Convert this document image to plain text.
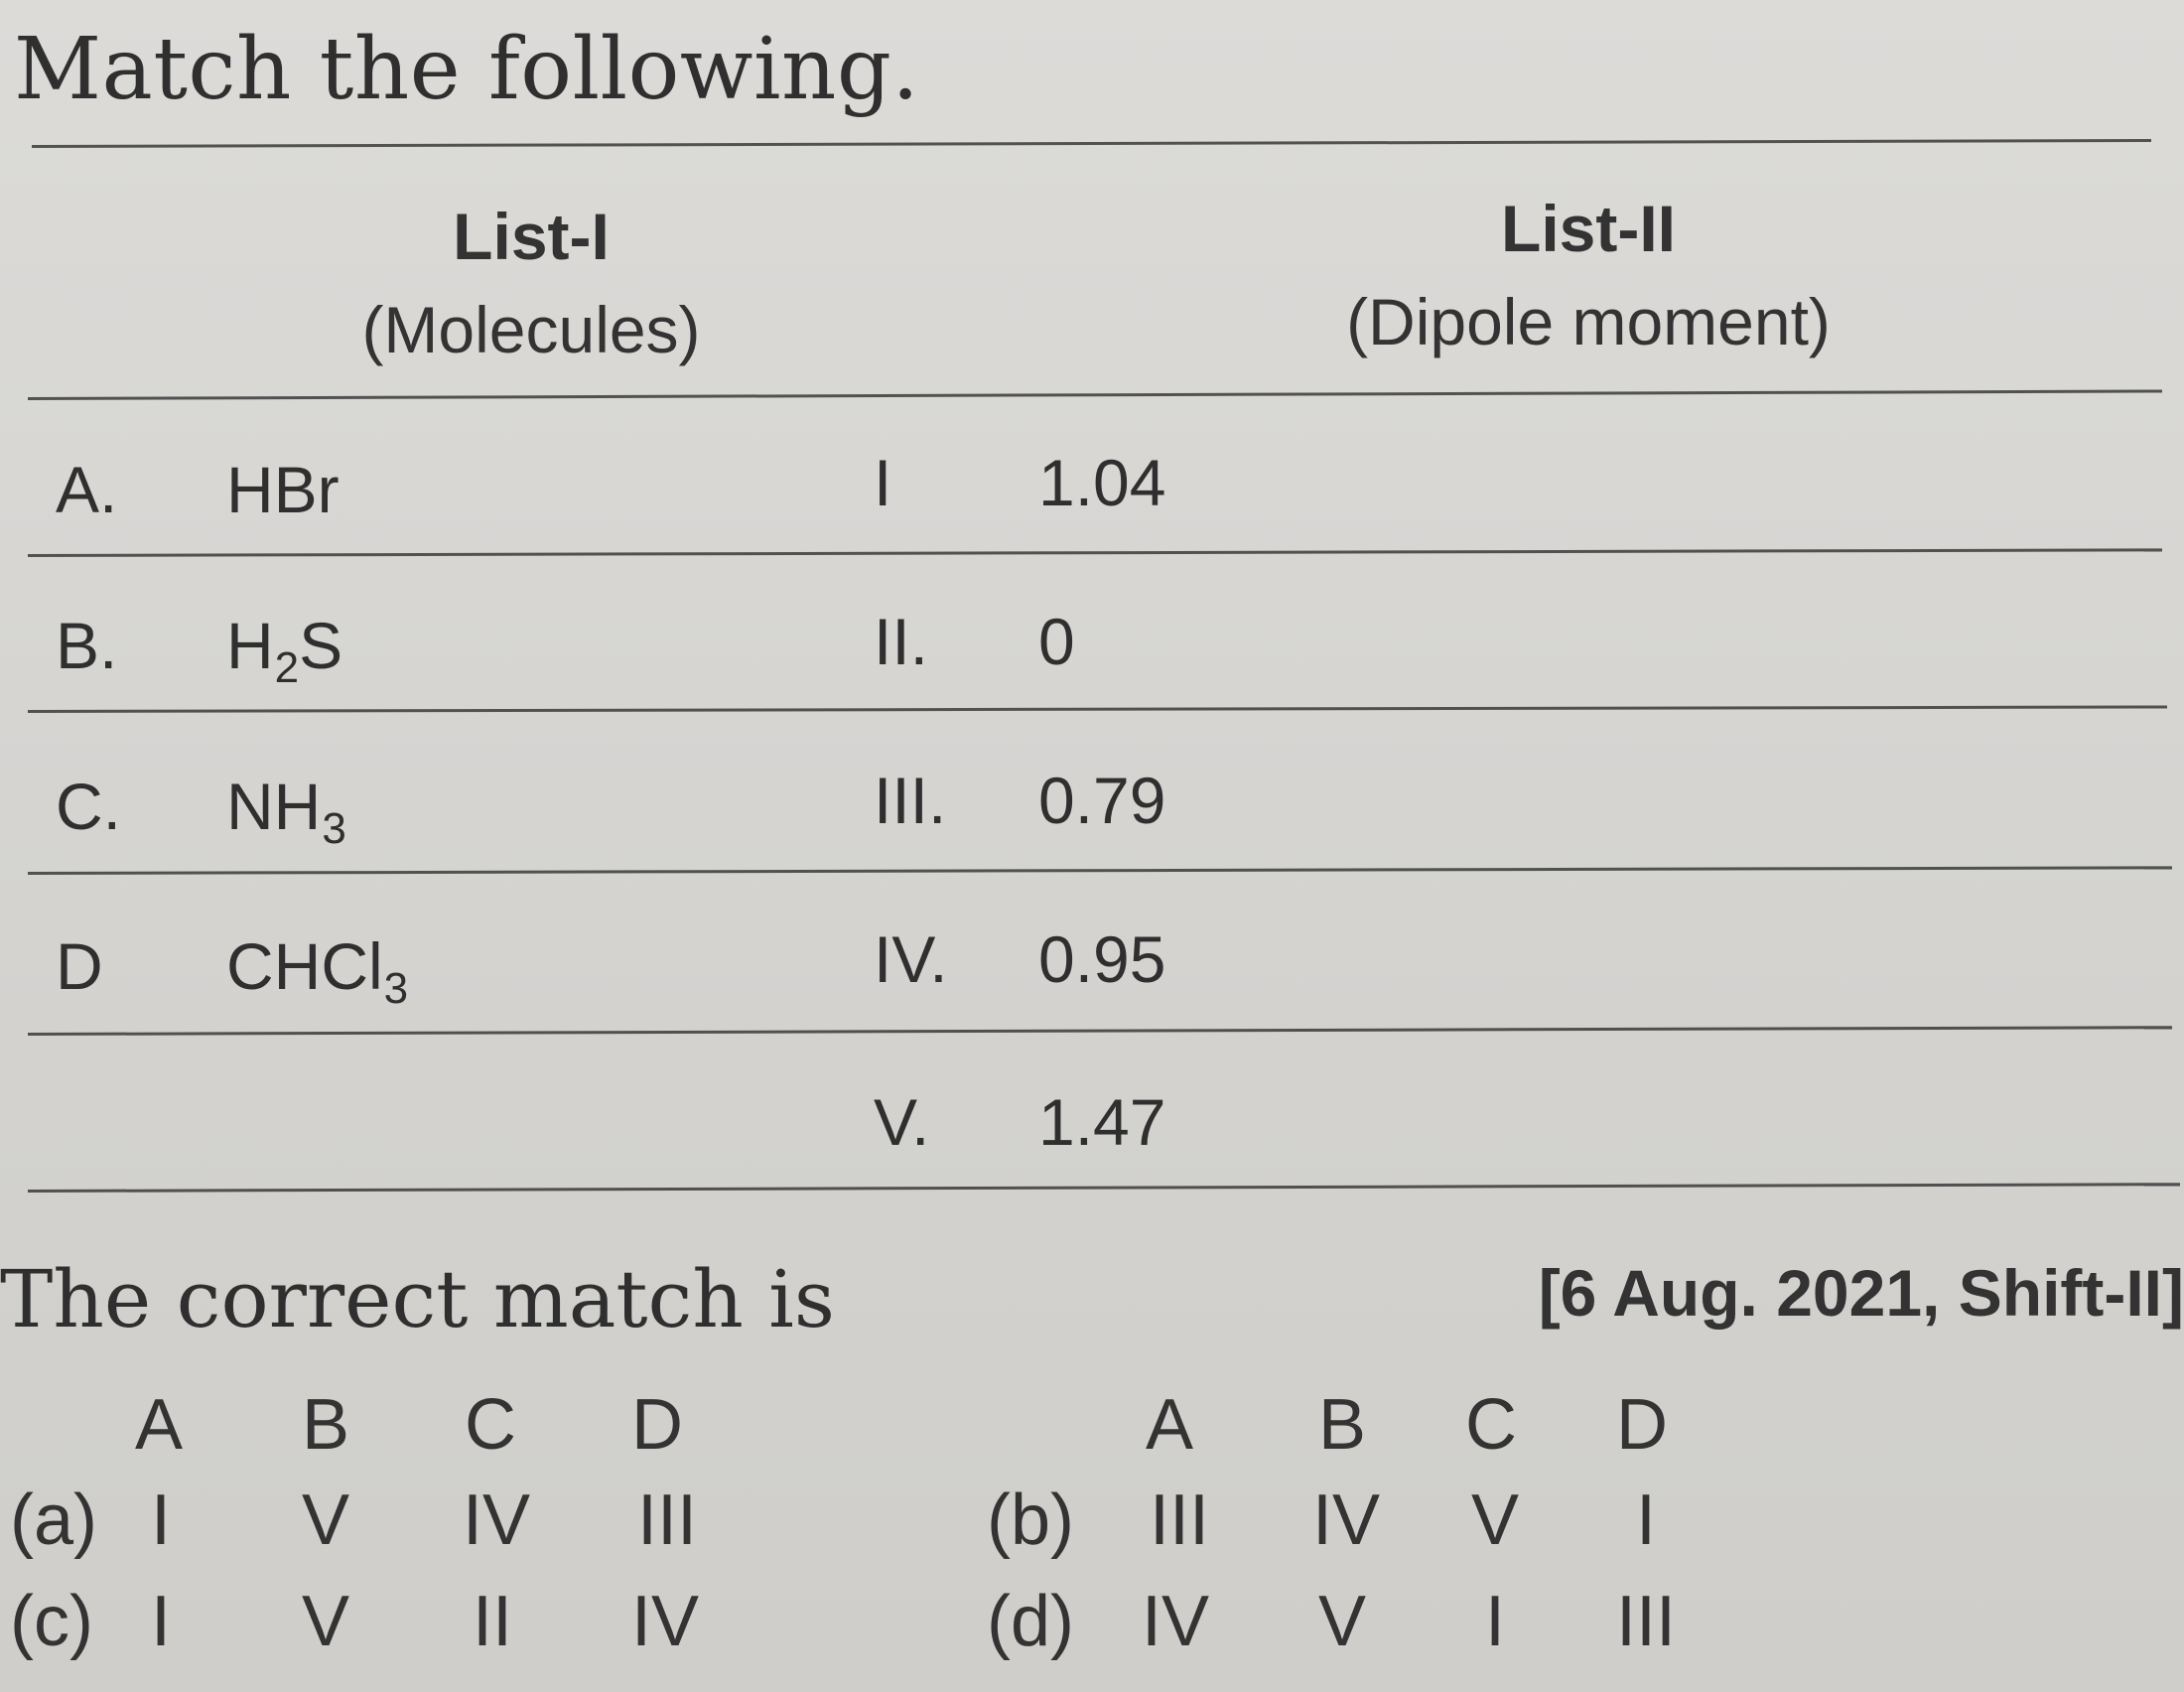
Match the following.
List-I
(Molecules)
List-II
(Dipole moment)
A. HBr
B. $H_2S$
C. $NH_3$
D CHCl$_3$
I 1.04
II. 0
III. 0.79
IV. 0.95
V. 1.47
The correct match is	[6 Aug. 2021, Shift-II]
A B C D
(a) I V IV III
(c) I V II IV
A B C D
(b) III IV V I
(d) IV V I III
